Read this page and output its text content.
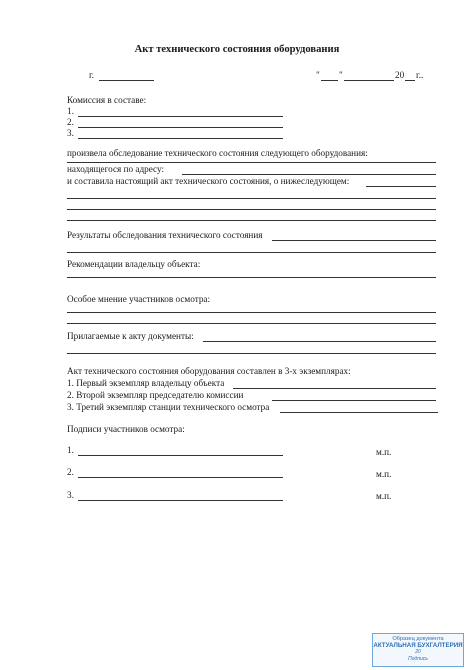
Акт технического состояния оборудования
г.	" "	20 г..
Комиссия в составе:
1.
2.
3.
произвела обследование технического состояния следующего оборудования:
находящегося по адресу:
и составила настоящий акт технического состояния, о нижеследующем:
Результаты обследования технического состояния
Рекомендации владельцу объекта:
Особое мнение участников осмотра:
Прилагаемые к акту документы:
Акт технического состояния оборудования составлен в 3-х экземплярах:
1. Первый экземпляр владельцу объекта
2. Второй экземпляр председателю комиссии
3. Третий экземпляр станции технического осмотра
Подписи участников осмотра:
1.	м.п.
2.	м.п.
3.	м.п.
Образец документа
АКТУАЛЬНАЯ БУХГАЛТЕРИЯ
20
Подпись
